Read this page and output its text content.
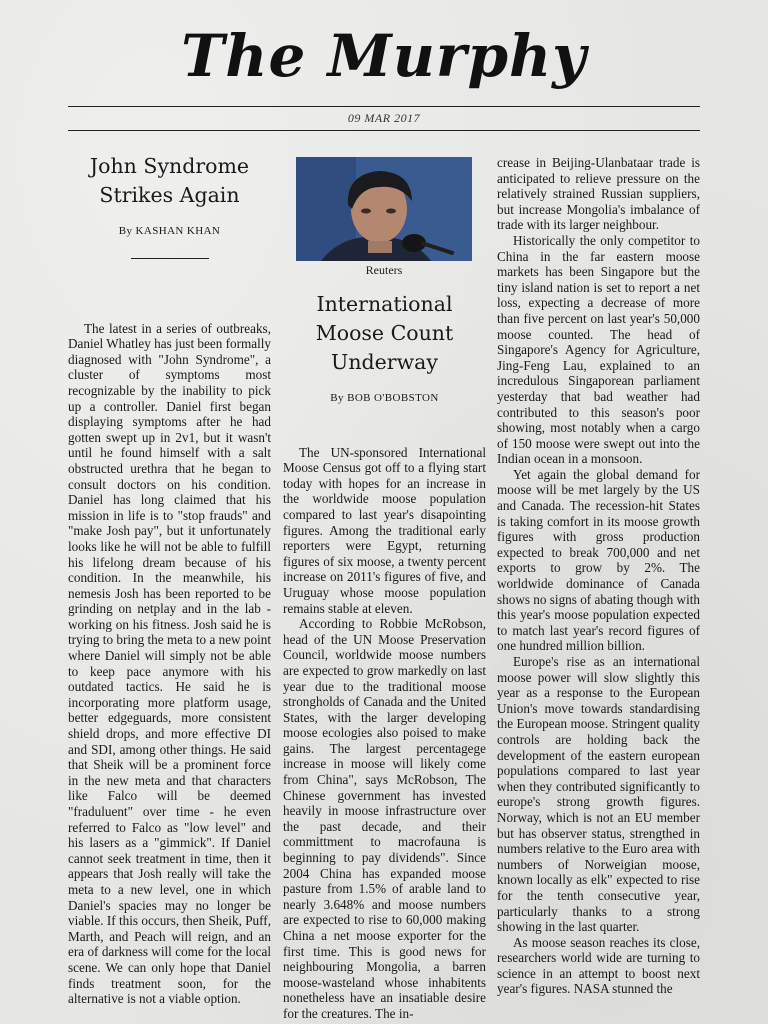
The Murphy
09 MAR 2017
John Syndrome Strikes Again
By KASHAN KHAN

The latest in a series of outbreaks, Daniel Whatley has just been formally diagnosed with "John Syndrome", a cluster of symptoms most recognizable by the inability to pick up a controller. Daniel first began displaying symptoms after he had gotten swept up in 2v1, but it wasn't until he found himself with a salt obstructed urethra that he began to consult doctors on his condition. Daniel has long claimed that his mission in life is to "stop frauds" and "make Josh pay", but it unfortunately looks like he will not be able to fulfill his lifelong dream because of his condition. In the meanwhile, his nemesis Josh has been reported to be grinding on netplay and in the lab - working on his fitness. Josh said he is trying to bring the meta to a new point where Daniel will simply not be able to keep pace anymore with his outdated tactics. He said he is incorporating more platform usage, better edgeguards, more consistent shield drops, and more effective DI and SDI, among other things. He said that Sheik will be a prominent force in the new meta and that characters like Falco will be deemed "fraduluent" over time - he even referred to Falco as "low level" and his lasers as a "gimmick". If Daniel cannot seek treatment in time, then it appears that Josh really will take the meta to a new level, one in which Daniel's spacies may no longer be viable. If this occurs, then Sheik, Puff, Marth, and Peach will reign, and an era of darkness will come for the local scene. We can only hope that Daniel finds treatment soon, for the alternative is not a viable option.

Reuters
International Moose Count Underway
By BOB O'BOBSTON

The UN-sponsored International Moose Census got off to a flying start today with hopes for an increase in the worldwide moose population compared to last year's disapointing figures. Among the traditional early reporters were Egypt, returning figures of six moose, a twenty percent increase on 2011's figures of five, and Uruguay whose moose population remains stable at eleven.

According to Robbie McRobson, head of the UN Moose Preservation Council, worldwide moose numbers are expected to grow markedly on last year due to the traditional moose strongholds of Canada and the United States, with the larger developing moose ecologies also poised to make gains. The largest percentagege increase in moose will likely come from China", says McRobson, The Chinese government has invested heavily in moose infrastructure over the past decade, and their committment to macrofauna is beginning to pay dividends". Since 2004 China has expanded moose pasture from 1.5% of arable land to nearly 3.648% and moose numbers are expected to rise to 60,000 making China a net moose exporter for the first time. This is good news for neighbouring Mongolia, a barren moose-wasteland whose inhabitents nonetheless have an insatiable desire for the creatures. The in-

crease in Beijing-Ulanbataar trade is anticipated to relieve pressure on the relatively strained Russian suppliers, but increase Mongolia's imbalance of trade with its larger neighbour.

Historically the only competitor to China in the far eastern moose markets has been Singapore but the tiny island nation is set to report a net loss, expecting a decrease of more than five percent on last year's 50,000 moose counted. The head of Singapore's Agency for Agriculture, Jing-Feng Lau, explained to an incredulous Singaporean parliament yesterday that bad weather had contributed to this season's poor showing, most notably when a cargo of 150 moose were swept out into the Indian ocean in a monsoon.

Yet again the global demand for moose will be met largely by the US and Canada. The recession-hit States is taking comfort in its moose growth figures with gross production expected to break 700,000 and net exports to grow by 2%. The worldwide dominance of Canada shows no signs of abating though with this year's moose population expected to match last year's record figures of one hundred million billion.

Europe's rise as an international moose power will slow slightly this year as a response to the European Union's move towards standardising the European moose. Stringent quality controls are holding back the development of the eastern european populations compared to last year when they contributed significantly to europe's strong growth figures. Norway, which is not an EU member but has observer status, strengthed in numbers relative to the Euro area with numbers of Norweigian moose, known locally as elk" expected to rise for the tenth consecutive year, particularly thanks to a strong showing in the last quarter.

As moose season reaches its close, researchers world wide are turning to science in an attempt to boost next year's figures. NASA stunned the
